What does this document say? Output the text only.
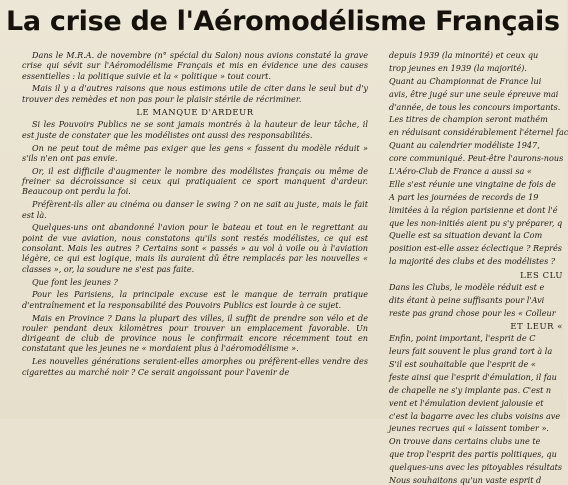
La crise de l'Aéromodélisme Français

Dans le M.R.A. de novembre (n° spécial du Salon) nous avions constaté la grave crise qui sévit sur l'Aéromodélisme Français et mis en évidence une des causes essentielles : la politique suivie et la « politique » tout court.

Mais il y a d'autres raisons que nous estimons utile de citer dans le seul but d'y trouver des remèdes et non pas pour le plaisir stérile de récriminer.

LE MANQUE D'ARDEUR

Si les Pouvoirs Publics ne se sont jamais montrés à la hauteur de leur tâche, il est juste de constater que les modélistes ont aussi des responsabilités.

On ne peut tout de même pas exiger que les gens « fassent du modèle réduit » s'ils n'en ont pas envie.

Or, il est difficile d'augmenter le nombre des modélistes français ou même de freiner sa décroissance si ceux qui pratiquaient ce sport manquent d'ardeur. Beaucoup ont perdu la foi.

Préfèrent-ils aller au cinéma ou danser le swing ? on ne sait au juste, mais le fait est là.

Quelques-uns ont abandonné l'avion pour le bateau et tout en le regrettant au point de vue aviation, nous constatons qu'ils sont restés modélistes, ce qui est consolant. Mais les autres ? Certains sont « passés » au vol à voile ou à l'aviation légère, ce qui est logique, mais ils auraient dû être remplacés par les nouvelles « classes », or, la soudure ne s'est pas faite.

Que font les jeunes ?

Pour les Parisiens, la principale excuse est le manque de terrain pratique d'entraînement et la responsabilité des Pouvoirs Publics est lourde à ce sujet.

Mais en Province ? Dans la plupart des villes, il suffit de prendre son vélo et de rouler pendant deux kilomètres pour trouver un emplacement favorable. Un dirigeant de club de province nous le confirmait encore récemment tout en constatant que les jeunes ne « mordaient plus à l'aéromodélisme ».

Les nouvelles générations seraient-elles amorphes ou préfèrent-elles vendre des cigarettes au marché noir ? Ce serait angoissant pour l'avenir de

depuis 1939 (la minorité) et ceux qu

trop jeunes en 1939 (la majorité).

Quant au Championnat de France lui

avis, être jugé sur une seule épreuve mai

d'année, de tous les concours importants.

Les titres de champion seront mathém

en réduisant considérablement l'éternel fac

Quant au calendrier modéliste 1947,

core communiqué. Peut-être l'aurons-nous

L'Aéro-Club de France a aussi sa «

Elle s'est réunie une vingtaine de fois de

A part les journées de records de 19

limitées à la région parisienne et dont l'é

que les non-initiés aient pu s'y préparer, q

Quelle est sa situation devant la Com

position est-elle assez éclectique ? Représ

la majorité des clubs et des modélistes ?

LES CLU

Dans les Clubs, le modèle réduit est e

dits étant à peine suffisants pour l'Avi

reste pas grand chose pour les « Colleur

ET LEUR «

Enfin, point important, l'esprit de C

leurs fait souvent le plus grand tort à la

S'il est souhaitable que l'esprit de «

feste ainsi que l'esprit d'émulation, il fau

de chapelle ne s'y implante pas. C'est n

vent et l'émulation devient jalousie et

c'est la bagarre avec les clubs voisins ave

jeunes recrues qui « laissent tomber ».

On trouve dans certains clubs une te

que trop l'esprit des partis politiques, qu

quelques-uns avec les pitoyables résultats

Nous souhaitons qu'un vaste esprit d
